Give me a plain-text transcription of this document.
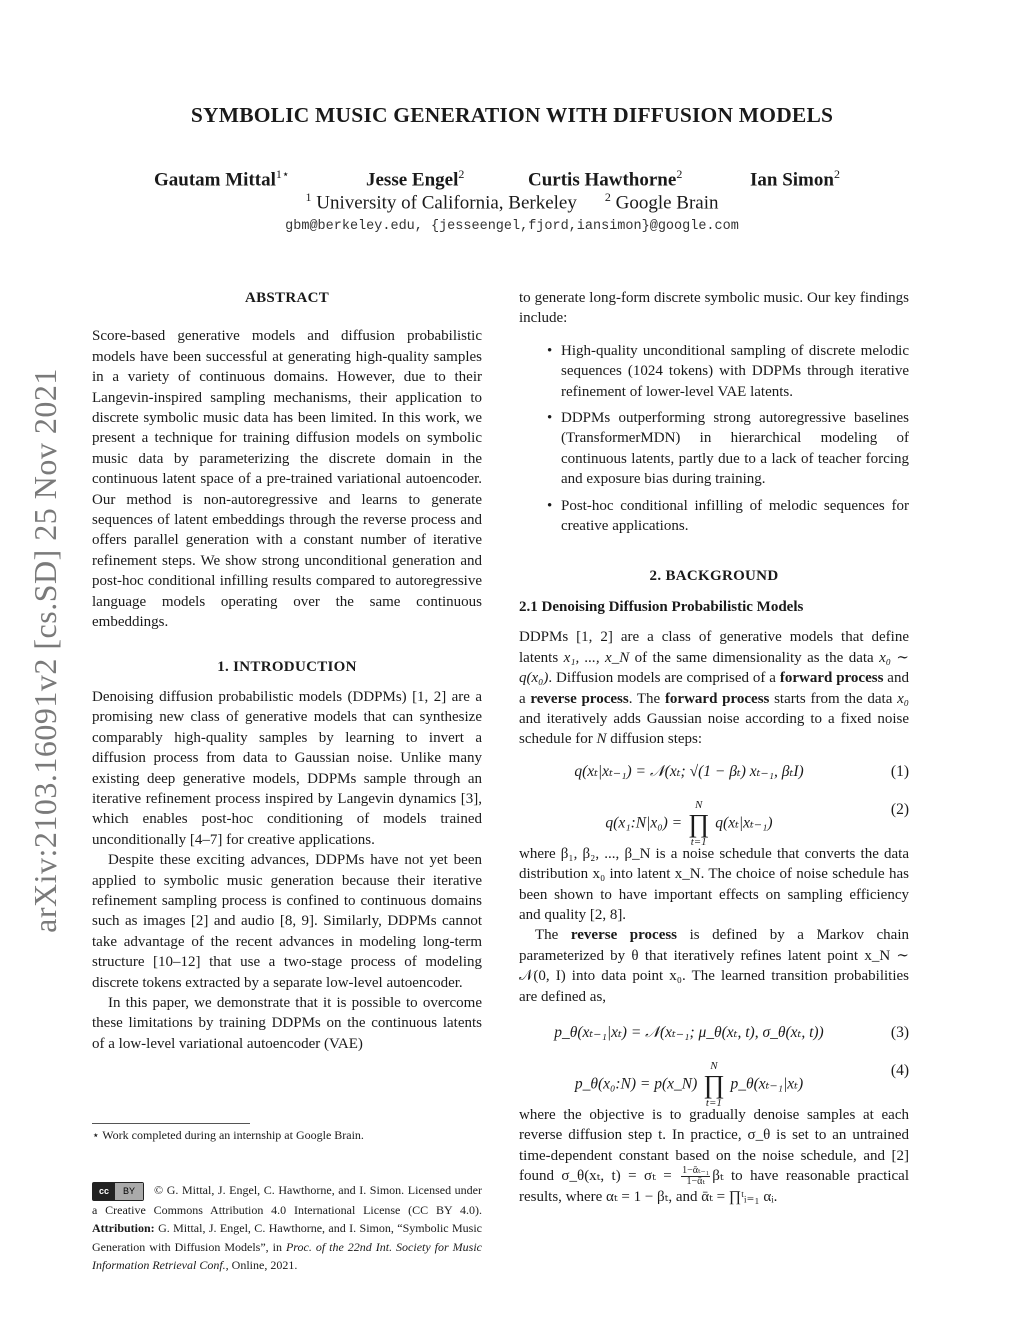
arXiv:2103.16091v2 [cs.SD] 25 Nov 2021
SYMBOLIC MUSIC GENERATION WITH DIFFUSION MODELS
Gautam Mittal$^{1⋆}$	Jesse Engel$^2$	Curtis Hawthorne$^2$	Ian Simon$^2$
$^1$ University of California, Berkeley $^2$ Google Brain
gbm@berkeley.edu, {jesseengel,fjord,iansimon}@google.com
ABSTRACT

Score-based generative models and diffusion probabilistic models have been successful at generating high-quality samples in a variety of continuous domains. However, due to their Langevin-inspired sampling mechanisms, their application to discrete symbolic music data has been limited. In this work, we present a technique for training diffusion models on symbolic music data by parameterizing the discrete domain in the continuous latent space of a pre-trained variational autoencoder. Our method is non-autoregressive and learns to generate sequences of latent embeddings through the reverse process and offers parallel generation with a constant number of iterative refinement steps. We show strong unconditional generation and post-hoc conditional infilling results compared to autoregressive language models operating over the same continuous embeddings.

1. INTRODUCTION

Denoising diffusion probabilistic models (DDPMs) [1, 2] are a promising new class of generative models that can synthesize comparably high-quality samples by learning to invert a diffusion process from data to Gaussian noise. Unlike many existing deep generative models, DDPMs sample through an iterative refinement process inspired by Langevin dynamics [3], which enables post-hoc conditioning of models trained unconditionally [4–7] for creative applications.

Despite these exciting advances, DDPMs have not yet been applied to symbolic music generation because their iterative refinement sampling process is confined to continuous domains such as images [2] and audio [8, 9]. Similarly, DDPMs cannot take advantage of the recent advances in modeling long-term structure [10–12] that use a two-stage process of modeling discrete tokens extracted by a separate low-level autoencoder.

In this paper, we demonstrate that it is possible to overcome these limitations by training DDPMs on the continuous latents of a low-level variational autoencoder (VAE)

⋆ Work completed during an internship at Google Brain.
cc	BY	© G. Mittal, J. Engel, C. Hawthorne, and I. Simon. Licensed under a Creative Commons Attribution 4.0 International License (CC BY 4.0). Attribution: G. Mittal, J. Engel, C. Hawthorne, and I. Simon, “Symbolic Music Generation with Diffusion Models”, in Proc. of the 22nd Int. Society for Music Information Retrieval Conf., Online, 2021.

to generate long-form discrete symbolic music. Our key findings include:

• High-quality unconditional sampling of discrete melodic sequences (1024 tokens) with DDPMs through iterative refinement of lower-level VAE latents.
• DDPMs outperforming strong autoregressive baselines (TransformerMDN) in hierarchical modeling of continuous latents, partly due to a lack of teacher forcing and exposure bias during training.
• Post-hoc conditional infilling of melodic sequences for creative applications.
2. BACKGROUND
2.1 Denoising Diffusion Probabilistic Models

DDPMs [1, 2] are a class of generative models that define latents x₁, ..., x_N of the same dimensionality as the data x₀ ∼ q(x₀). Diffusion models are comprised of a forward process and a reverse process. The forward process starts from the data x₀ and iteratively adds Gaussian noise according to a fixed noise schedule for N diffusion steps:

q(xₜ|xₜ₋₁) = 𝒩(xₜ; √(1 − βₜ) xₜ₋₁, βₜI)	(1)
q(x₁:N|x₀) =
N
∏
t=1
q(xₜ|xₜ₋₁)
(2)

where β₁, β₂, ..., β_N is a noise schedule that converts the data distribution x₀ into latent x_N. The choice of noise schedule has been shown to have important effects on sampling efficiency and quality [2, 8].

The reverse process is defined by a Markov chain parameterized by θ that iteratively refines latent point x_N ∼ 𝒩(0, I) into data point x₀. The learned transition probabilities are defined as,

p_θ(xₜ₋₁|xₜ) = 𝒩(xₜ₋₁; μ_θ(xₜ, t), σ_θ(xₜ, t))	(3)
p_θ(x₀:N) = p(x_N)
N
∏
t=1
p_θ(xₜ₋₁|xₜ)
(4)

where the objective is to gradually denoise samples at each reverse diffusion step t. In practice, σ_θ is set to an untrained time-dependent constant based on the noise schedule, and [2] found σ_θ(xₜ, $t) = \sigma_t = \frac{\text{1−ᾱₜ₋₁}}{\text{1−ᾱₜ}}$ βₜ to have reasonable practical results, where αₜ = 1 − βₜ, and ᾱₜ = ∏ᵗᵢ₌₁ αᵢ.
